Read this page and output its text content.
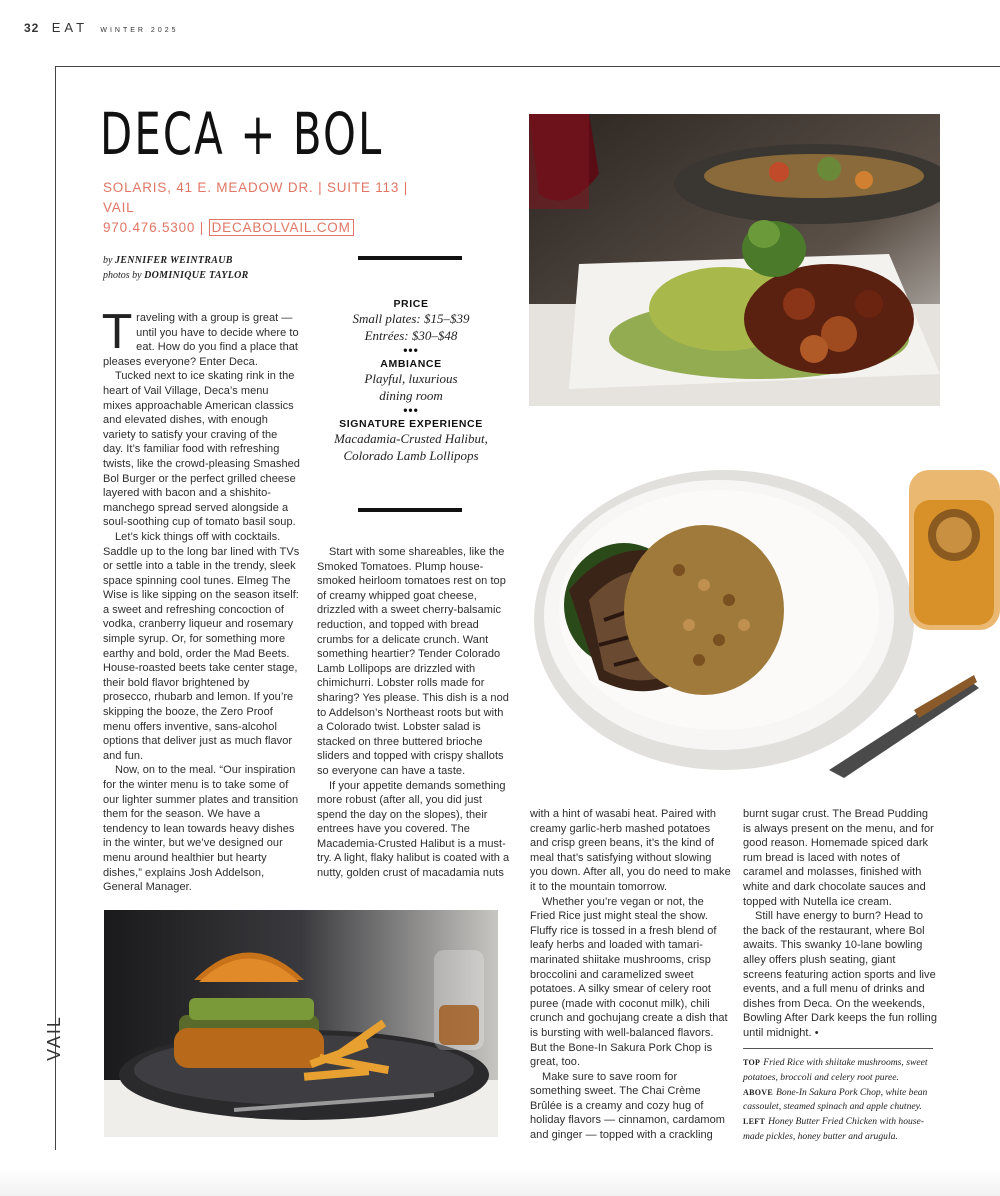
32 EAT WINTER 2025
VAIL
DECA + BOL
SOLARIS, 41 E. MEADOW DR. | SUITE 113 | VAIL
970.476.5300 | DECABOLVAIL.COM
by JENNIFER WEINTRAUB
photos by DOMINIQUE TAYLOR
PRICE
Small plates: $15–$39
Entrées: $30–$48
•••
AMBIANCE
Playful, luxurious
dining room
•••
SIGNATURE EXPERIENCE
Macadamia-Crusted Halibut,
Colorado Lamb Lollipops

Traveling with a group is great — until you have to decide where to eat. How do you find a place that pleases everyone? Enter Deca.

Tucked next to ice skating rink in the heart of Vail Village, Deca’s menu mixes approachable American classics and elevated dishes, with enough variety to satisfy your craving of the day. It’s familiar food with refreshing twists, like the crowd-pleasing Smashed Bol Burger or the perfect grilled cheese layered with bacon and a shishito-manchego spread served alongside a soul-soothing cup of tomato basil soup.

Let’s kick things off with cocktails. Saddle up to the long bar lined with TVs or settle into a table in the trendy, sleek space spinning cool tunes. Elmeg The Wise is like sipping on the season itself: a sweet and refreshing concoction of vodka, cranberry liqueur and rosemary simple syrup. Or, for something more earthy and bold, order the Mad Beets. House-roasted beets take center stage, their bold flavor brightened by prosecco, rhubarb and lemon. If you’re skipping the booze, the Zero Proof menu offers inventive, sans-alcohol options that deliver just as much flavor and fun.

Now, on to the meal. “Our inspiration for the winter menu is to take some of our lighter summer plates and transition them for the season. We have a tendency to lean towards heavy dishes in the winter, but we’ve designed our menu around healthier but hearty dishes,” explains Josh Addelson, General Manager.

Start with some shareables, like the Smoked Tomatoes. Plump house-smoked heirloom tomatoes rest on top of creamy whipped goat cheese, drizzled with a sweet cherry-balsamic reduction, and topped with bread crumbs for a delicate crunch. Want something heartier? Tender Colorado Lamb Lollipops are drizzled with chimichurri. Lobster rolls made for sharing? Yes please. This dish is a nod to Addelson’s Northeast roots but with a Colorado twist. Lobster salad is stacked on three buttered brioche sliders and topped with crispy shallots so everyone can have a taste.

If your appetite demands something more robust (after all, you did just spend the day on the slopes), their entrees have you covered. The Macademia-Crusted Halibut is a must-try. A light, flaky halibut is coated with a nutty, golden crust of macadamia nuts

with a hint of wasabi heat. Paired with creamy garlic-herb mashed potatoes and crisp green beans, it’s the kind of meal that’s satisfying without slowing you down. After all, you do need to make it to the mountain tomorrow.

Whether you’re vegan or not, the Fried Rice just might steal the show. Fluffy rice is tossed in a fresh blend of leafy herbs and loaded with tamari-marinated shiitake mushrooms, crisp broccolini and caramelized sweet potatoes. A silky smear of celery root puree (made with coconut milk), chili crunch and gochujang create a dish that is bursting with well-balanced flavors. But the Bone-In Sakura Pork Chop is great, too.

Make sure to save room for something sweet. The Chai Crème Brûlée is a creamy and cozy hug of holiday flavors — cinnamon, cardamom and ginger — topped with a crackling

burnt sugar crust. The Bread Pudding is always present on the menu, and for good reason. Homemade spiced dark rum bread is laced with notes of caramel and molasses, finished with white and dark chocolate sauces and topped with Nutella ice cream.

Still have energy to burn? Head to the back of the restaurant, where Bol awaits. This swanky 10-lane bowling alley offers plush seating, giant screens featuring action sports and live events, and a full menu of drinks and dishes from Deca. On the weekends, Bowling After Dark keeps the fun rolling until midnight. •

TOP Fried Rice with shiitake mushrooms, sweet potatoes, broccoli and celery root puree. ABOVE Bone-In Sakura Pork Chop, white bean cassoulet, steamed spinach and apple chutney. LEFT Honey Butter Fried Chicken with house-made pickles, honey butter and arugula.
